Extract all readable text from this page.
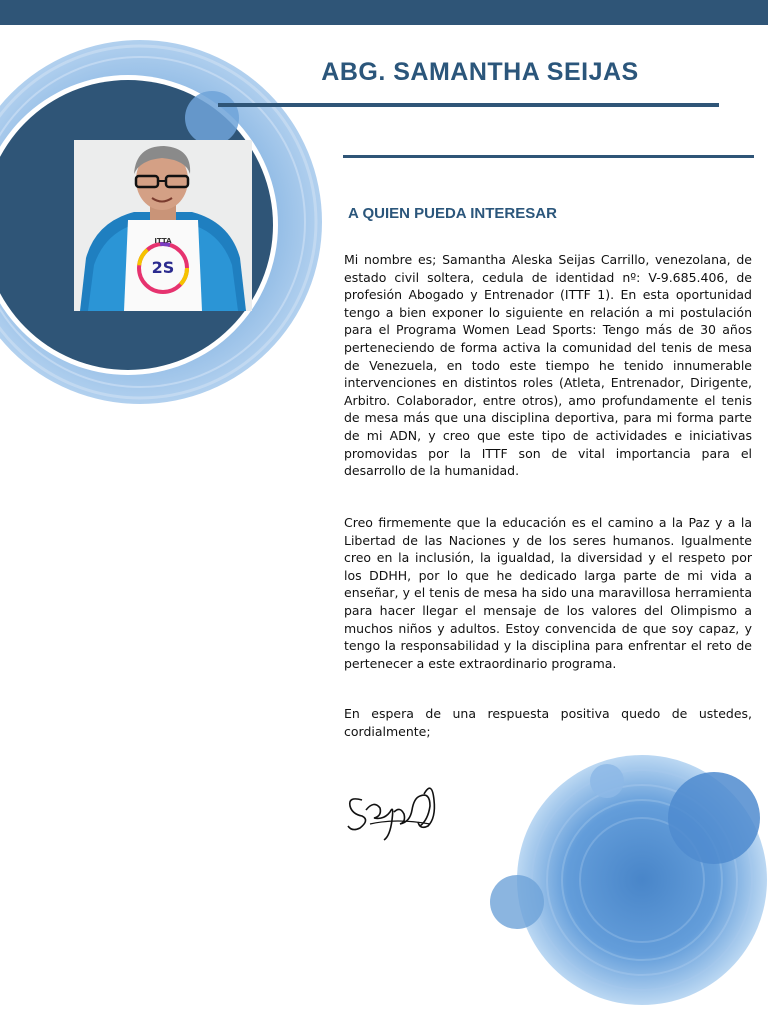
ABG. SAMANTHA SEIJAS
ITTA
2S
A QUIEN PUEDA INTERESAR
Mi nombre es; Samantha Aleska Seijas Carrillo, venezolana, de estado civil soltera, cedula de identidad nº: V-9.685.406, de profesión Abogado y Entrenador (ITTF 1). En esta oportunidad tengo a bien exponer lo siguiente en relación a mi postulación para el Programa Women Lead Sports: Tengo más de 30 años perteneciendo de forma activa la comunidad del tenis de mesa de Venezuela, en todo este tiempo he tenido innumerable intervenciones en distintos roles (Atleta, Entrenador, Dirigente, Arbitro. Colaborador, entre otros), amo profundamente el tenis de mesa más que una disciplina deportiva, para mi forma parte de mi ADN, y creo que este tipo de actividades e iniciativas promovidas por la ITTF son de vital importancia para el desarrollo de la humanidad.
Creo firmemente que la educación es el camino a la Paz y a la Libertad de las Naciones y de los seres humanos. Igualmente creo en la inclusión, la igualdad, la diversidad y el respeto por los DDHH, por lo que he dedicado larga parte de mi vida a enseñar, y el tenis de mesa ha sido una maravillosa herramienta para hacer llegar el mensaje de los valores del Olimpismo a muchos niños y adultos. Estoy convencida de que soy capaz, y tengo la responsabilidad y la disciplina para enfrentar el reto de pertenecer a este extraordinario programa.
En espera de una respuesta positiva quedo de ustedes, cordialmente;
